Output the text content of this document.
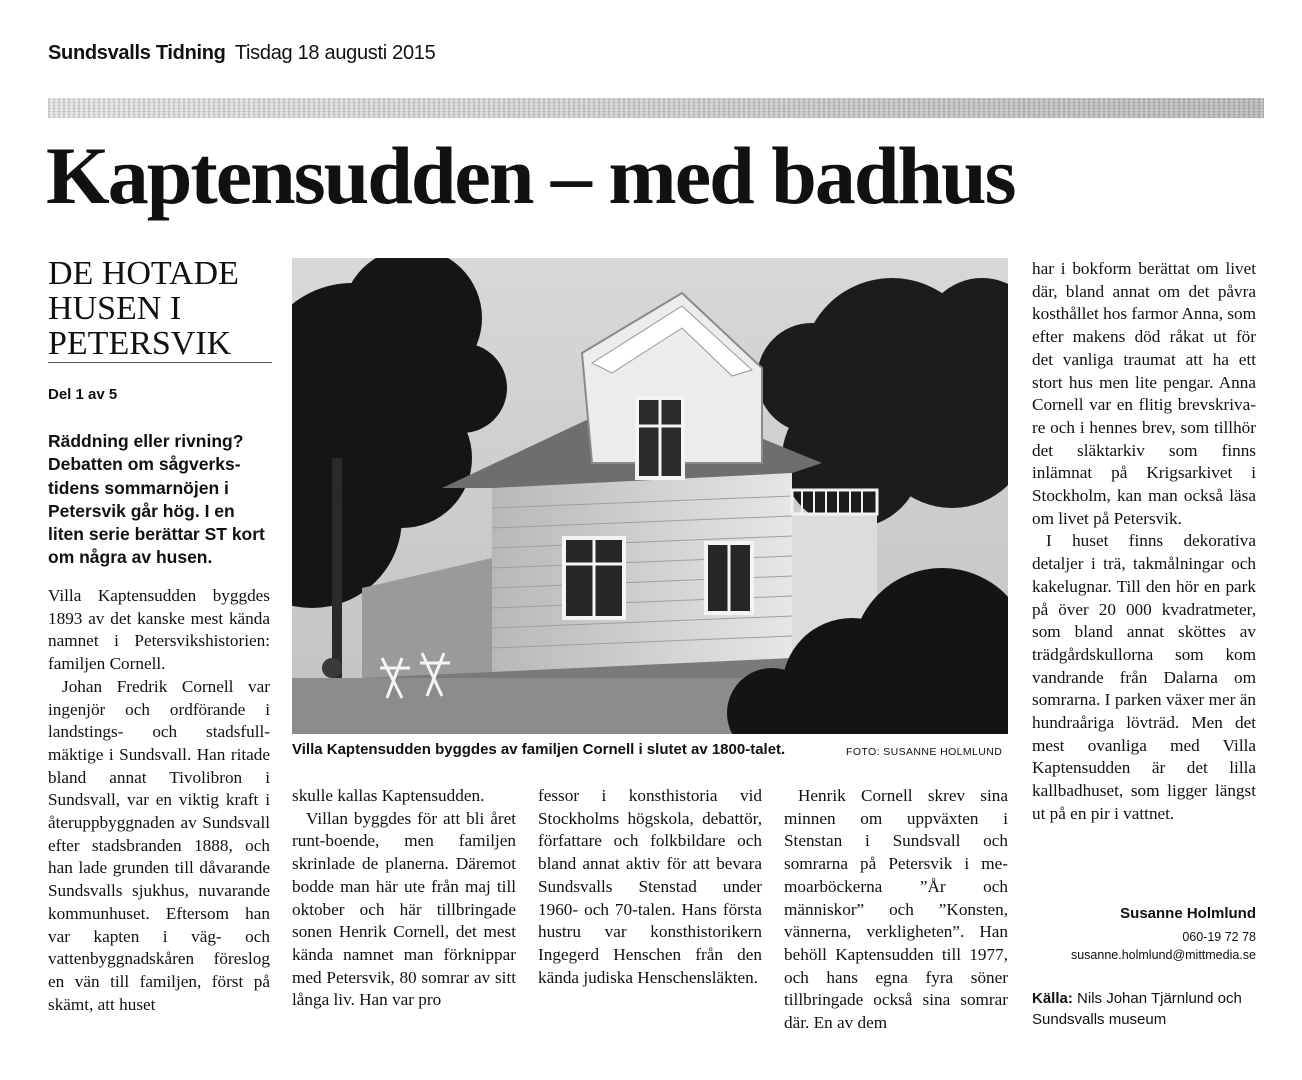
Sundsvalls Tidning Tisdag 18 augusti 2015
Kaptensudden – med badhus
DE HOTADE HUSEN I PETERSVIK
Del 1 av 5
Räddning eller rivning? Debatten om sågverkstidens sommarnöjen i Petersvik går hög. I en liten serie berättar ST kort om några av husen.

Villa Kaptensudden byggdes 1893 av det kanske mest kända namnet i Petersvikshistorien: familjen Cornell.

Johan Fredrik Cornell var ingenjör och ordförande i landstings- och stadsfullmäktige i Sundsvall. Han ritade bland annat Tivolibron i Sundsvall, var en viktig kraft i återuppbyggnaden av Sundsvall efter stadsbranden 1888, och han lade grunden till dåvarande Sundsvalls sjukhus, nuvarande kommunhuset. Eftersom han var kapten i väg- och vattenbyggnadskåren föreslog en vän till familjen, först på skämt, att huset

Villa Kaptensudden byggdes av familjen Cornell i slutet av 1800-talet.	FOTO: SUSANNE HOLMLUND

skulle kallas Kaptensudden.

Villan byggdes för att bli året runt-boende, men familjen skrinlade de planerna. Däremot bodde man här ute från maj till oktober och här tillbringade sonen Henrik Cornell, det mest kända namnet man förknippar med Petersvik, 80 somrar av sitt långa liv. Han var pro

fessor i konsthistoria vid Stockholms högskola, debattör, författare och folkbildare och bland annat aktiv för att bevara Sundsvalls Stenstad under 1960- och 70-talen. Hans första hustru var konsthistorikern Ingegerd Henschen från den kända judiska Henschensläkten.

Henrik Cornell skrev sina minnen om uppväxten i Stenstan i Sundsvall och somrarna på Petersvik i memoarböckerna ”År och människor” och ”Konsten, vännerna, verkligheten”. Han behöll Kaptensudden till 1977, och hans egna fyra söner tillbringade också sina somrar där. En av dem

har i bokform berättat om livet där, bland annat om det påvra kosthållet hos farmor Anna, som efter makens död råkat ut för det vanliga traumat att ha ett stort hus men lite pengar. Anna Cornell var en flitig brevskrivare och i hennes brev, som tillhör det släktarkiv som finns inlämnat på Krigsarkivet i Stockholm, kan man också läsa om livet på Petersvik.

I huset finns dekorativa detaljer i trä, takmålningar och kakelugnar. Till den hör en park på över 20 000 kvadratmeter, som bland annat sköttes av trädgårdskullorna som kom vandrande från Dalarna om somrarna. I parken växer mer än hundraåriga lövträd. Men det mest ovanliga med Villa Kaptensudden är det lilla kallbadhuset, som ligger längst ut på en pir i vattnet.

Susanne Holmlund
060-19 72 78
susanne.holmlund@mittmedia.se
Källa: Nils Johan Tjärnlund och Sundsvalls museum
